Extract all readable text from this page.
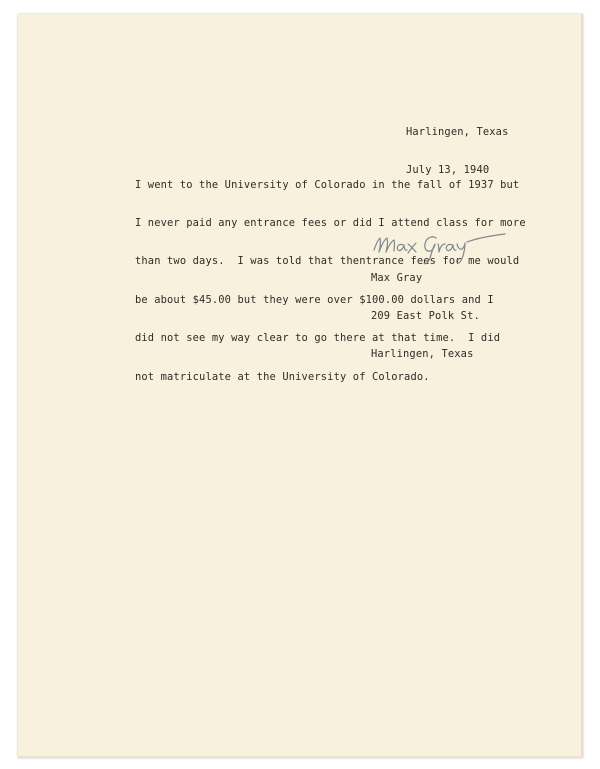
Harlingen, Texas

July 13, 1940

I went to the University of Colorado in the fall of 1937 but

I never paid any entrance fees or did I attend class for more

than two days.  I was told that thentrance fees for me would

be about $45.00 but they were over $100.00 dollars and I

did not see my way clear to go there at that time.  I did

not matriculate at the University of Colorado.

Max Gray

209 East Polk St.

Harlingen, Texas
